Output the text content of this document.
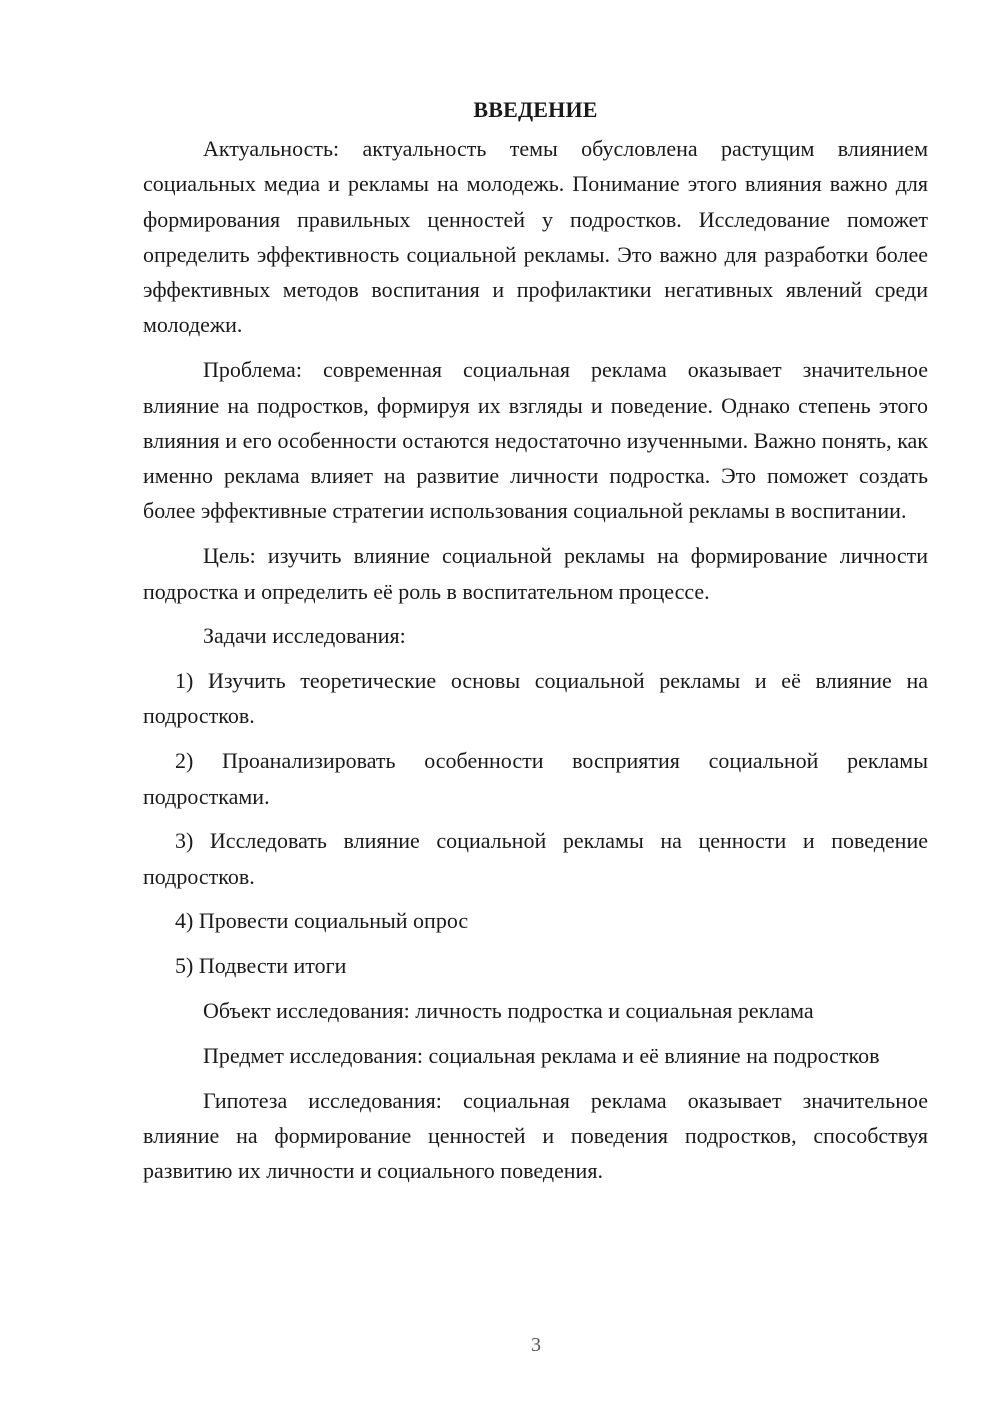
ВВЕДЕНИЕ

Актуальность: актуальность темы обусловлена растущим влиянием социальных медиа и рекламы на молодежь. Понимание этого влияния важно для формирования правильных ценностей у подростков. Исследование поможет определить эффективность социальной рекламы. Это важно для разработки более эффективных методов воспитания и профилактики негативных явлений среди молодежи.

Проблема: современная социальная реклама оказывает значительное влияние на подростков, формируя их взгляды и поведение. Однако степень этого влияния и его особенности остаются недостаточно изученными. Важно понять, как именно реклама влияет на развитие личности подростка. Это поможет создать более эффективные стратегии использования социальной рекламы в воспитании.

Цель: изучить влияние социальной рекламы на формирование личности подростка и определить её роль в воспитательном процессе.

Задачи исследования:

1) Изучить теоретические основы социальной рекламы и её влияние на подростков.

2) Проанализировать особенности восприятия социальной рекламы подростками.

3) Исследовать влияние социальной рекламы на ценности и поведение подростков.

4) Провести социальный опрос

5) Подвести итоги

Объект исследования: личность подростка и социальная реклама

Предмет исследования: социальная реклама и её влияние на подростков

Гипотеза исследования: социальная реклама оказывает значительное влияние на формирование ценностей и поведения подростков, способствуя развитию их личности и социального поведения.

3
